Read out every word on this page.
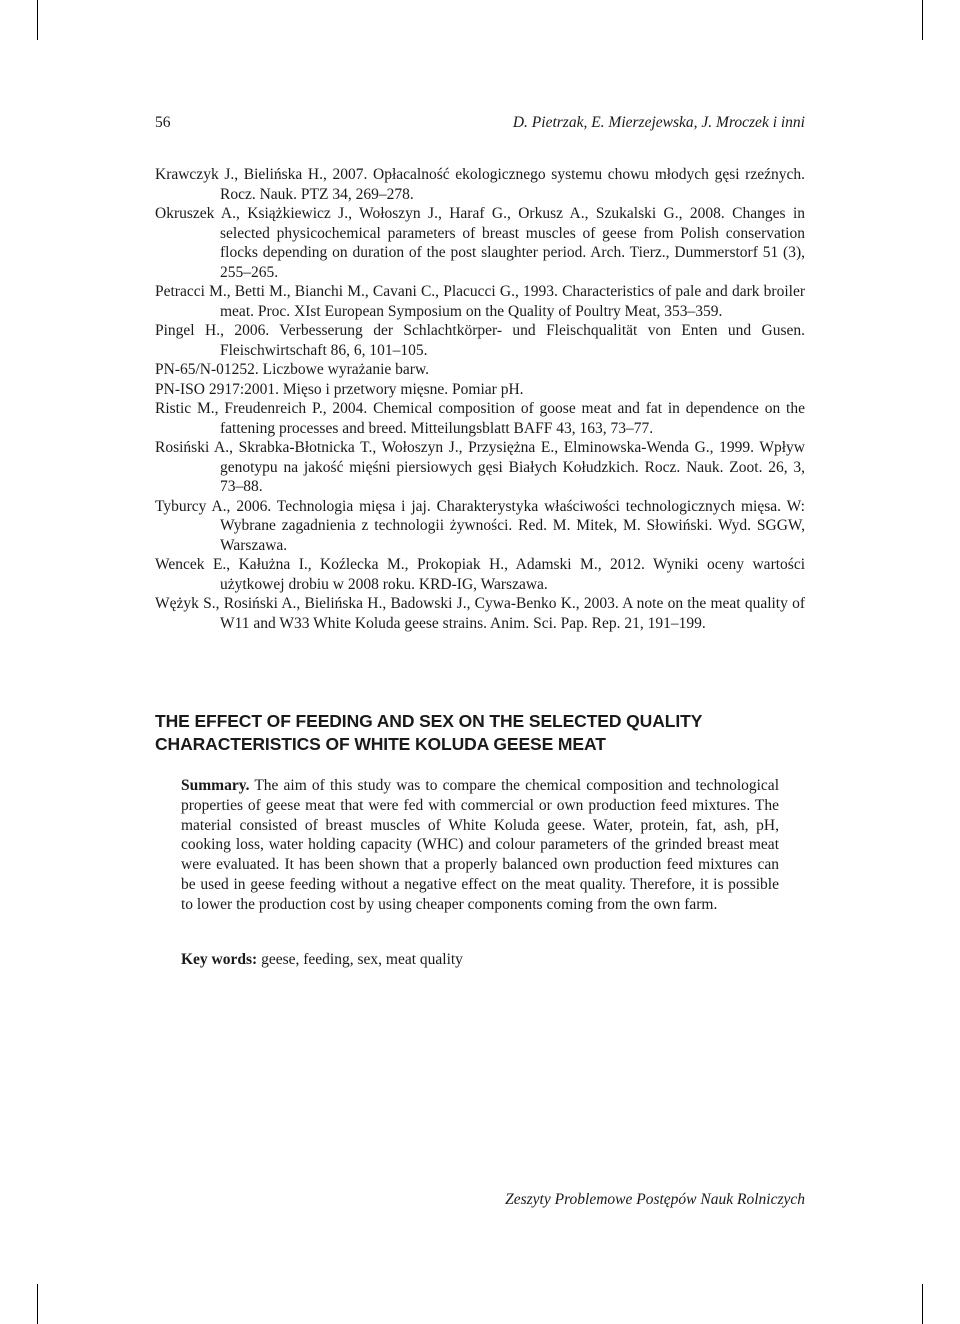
56	D. Pietrzak, E. Mierzejewska, J. Mroczek i inni

Krawczyk J., Bielińska H., 2007. Opłacalność ekologicznego systemu chowu młodych gęsi rzeźnych. Rocz. Nauk. PTZ 34, 269–278.

Okruszek A., Książkiewicz J., Wołoszyn J., Haraf G., Orkusz A., Szukalski G., 2008. Changes in selected physicochemical parameters of breast muscles of geese from Polish conservation flocks depending on duration of the post slaughter period. Arch. Tierz., Dummerstorf 51 (3), 255–265.

Petracci M., Betti M., Bianchi M., Cavani C., Placucci G., 1993. Characteristics of pale and dark broiler meat. Proc. XIst European Symposium on the Quality of Poultry Meat, 353–359.

Pingel H., 2006. Verbesserung der Schlachtkörper- und Fleischqualität von Enten und Gusen. Fleischwirtschaft 86, 6, 101–105.

PN-65/N-01252. Liczbowe wyrażanie barw.

PN-ISO 2917:2001. Mięso i przetwory mięsne. Pomiar pH.

Ristic M., Freudenreich P., 2004. Chemical composition of goose meat and fat in dependence on the fattening processes and breed. Mitteilungsblatt BAFF 43, 163, 73–77.

Rosiński A., Skrabka-Błotnicka T., Wołoszyn J., Przysiężna E., Elminowska-Wenda G., 1999. Wpływ genotypu na jakość mięśni piersiowych gęsi Białych Kołudzkich. Rocz. Nauk. Zoot. 26, 3, 73–88.

Tyburcy A., 2006. Technologia mięsa i jaj. Charakterystyka właściwości technologicznych mięsa. W: Wybrane zagadnienia z technologii żywności. Red. M. Mitek, M. Słowiński. Wyd. SGGW, Warszawa.

Wencek E., Kałużna I., Koźlecka M., Prokopiak H., Adamski M., 2012. Wyniki oceny wartości użytkowej drobiu w 2008 roku. KRD-IG, Warszawa.

Wężyk S., Rosiński A., Bielińska H., Badowski J., Cywa-Benko K., 2003. A note on the meat quality of W11 and W33 White Koluda geese strains. Anim. Sci. Pap. Rep. 21, 191–199.

THE EFFECT OF FEEDING AND SEX ON THE SELECTED QUALITY CHARACTERISTICS OF WHITE KOLUDA GEESE MEAT

Summary. The aim of this study was to compare the chemical composition and technological properties of geese meat that were fed with commercial or own production feed mixtures. The material consisted of breast muscles of White Koluda geese. Water, protein, fat, ash, pH, cooking loss, water holding capacity (WHC) and colour parameters of the grinded breast meat were evaluated. It has been shown that a properly balanced own production feed mixtures can be used in geese feeding without a negative effect on the meat quality. Therefore, it is possible to lower the production cost by using cheaper components coming from the own farm.

Key words: geese, feeding, sex, meat quality

Zeszyty Problemowe Postępów Nauk Rolniczych
